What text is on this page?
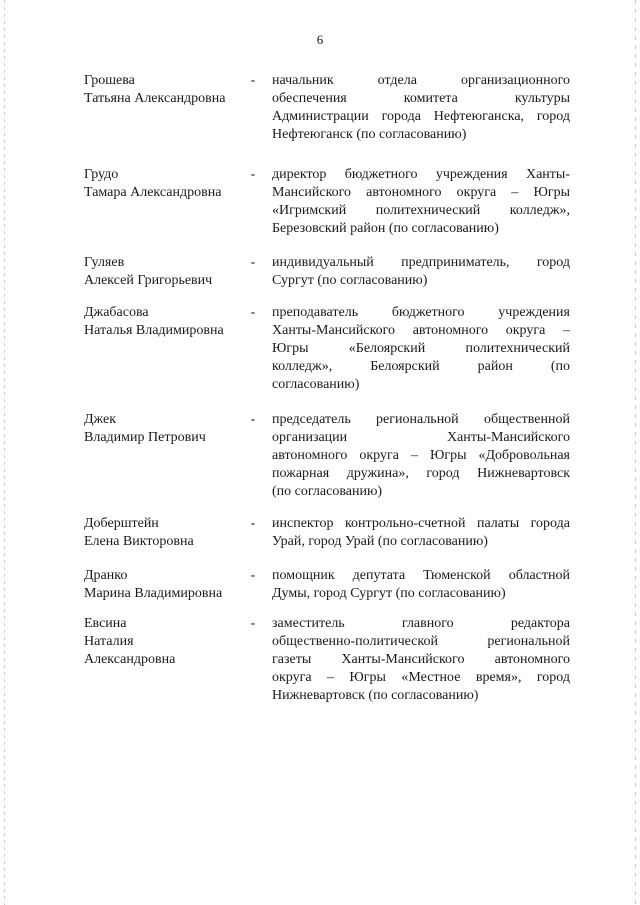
6
Грошева
Татьяна Александровна
- начальник отдела организационного
обеспечения комитета культуры
Администрации города Нефтеюганска, город
Нефтеюганск (по согласованию)
Грудо
Тамара Александровна
- директор бюджетного учреждения Ханты-
Мансийского автономного округа – Югры
«Игримский политехнический колледж»,
Березовский район (по согласованию)
Гуляев
Алексей Григорьевич
- индивидуальный предприниматель, город
Сургут (по согласованию)
Джабасова
Наталья Владимировна
- преподаватель бюджетного учреждения
Ханты-Мансийского автономного округа –
Югры «Белоярский политехнический
колледж», Белоярский район (по
согласованию)
Джек
Владимир Петрович
- председатель региональной общественной
организации Ханты-Мансийского
автономного округа – Югры «Добровольная
пожарная дружина», город Нижневартовск
(по согласованию)
Доберштейн
Елена Викторовна
- инспектор контрольно-счетной палаты города
Урай, город Урай (по согласованию)
Дранко
Марина Владимировна
- помощник депутата Тюменской областной
Думы, город Сургут (по согласованию)
Евсина
Наталия
Александровна
- заместитель главного редактора
общественно-политической региональной
газеты Ханты-Мансийского автономного
округа – Югры «Местное время», город
Нижневартовск (по согласованию)
